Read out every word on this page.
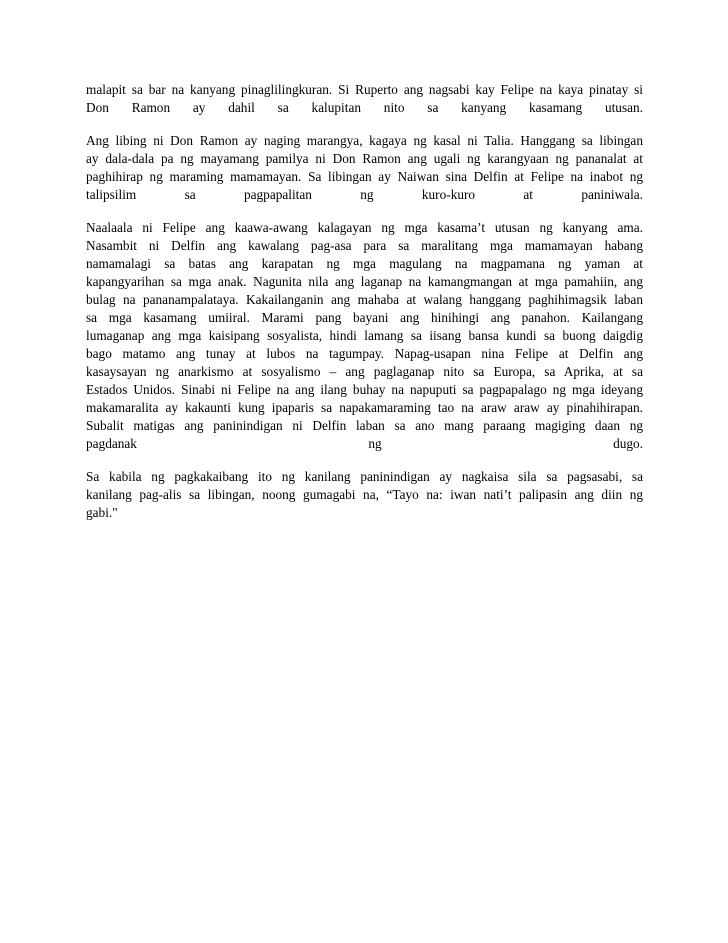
malapit sa bar na kanyang pinaglilingkuran. Si Ruperto ang nagsabi kay Felipe na kaya pinatay si
Don Ramon ay dahil sa kalupitan nito sa kanyang kasamang utusan.

Ang libing ni Don Ramon ay naging marangya, kagaya ng kasal ni Talia. Hanggang sa libingan
ay dala-dala pa ng mayamang pamilya ni Don Ramon ang ugali ng karangyaan ng pananalat at
paghihirap ng maraming mamamayan. Sa libingan ay Naiwan sina Delfin at Felipe na inabot ng
talipsilim sa pagpapalitan ng kuro-kuro at paniniwala.

Naalaala ni Felipe ang kaawa-awang kalagayan ng mga kasama’t utusan ng kanyang ama.
Nasambit ni Delfin ang kawalang pag-asa para sa maralitang mga mamamayan habang
namamalagi sa batas ang karapatan ng mga magulang na magpamana ng yaman at
kapangyarihan sa mga anak. Nagunita nila ang laganap na kamangmangan at mga pamahiin, ang
bulag na pananampalataya. Kakailanganin ang mahaba at walang hanggang paghihimagsik laban
sa mga kasamang umiiral. Marami pang bayani ang hinihingi ang panahon. Kailangang
lumaganap ang mga kaisipang sosyalista, hindi lamang sa iisang bansa kundi sa buong daigdig
bago matamo ang tunay at lubos na tagumpay. Napag-usapan nina Felipe at Delfin ang
kasaysayan ng anarkismo at sosyalismo – ang paglaganap nito sa Europa, sa Aprika, at sa
Estados Unidos. Sinabi ni Felipe na ang ilang buhay na napuputi sa pagpapalago ng mga ideyang
makamaralita ay kakaunti kung ipaparis sa napakamaraming tao na araw araw ay pinahihirapan.
Subalit matigas ang paninindigan ni Delfin laban sa ano mang paraang magiging daan ng
pagdanak ng dugo.

Sa kabila ng pagkakaibang ito ng kanilang paninindigan ay nagkaisa sila sa pagsasabi, sa
kanilang pag-alis sa libingan, noong gumagabi na, “Tayo na: iwan nati’t palipasin ang diin ng
gabi."
